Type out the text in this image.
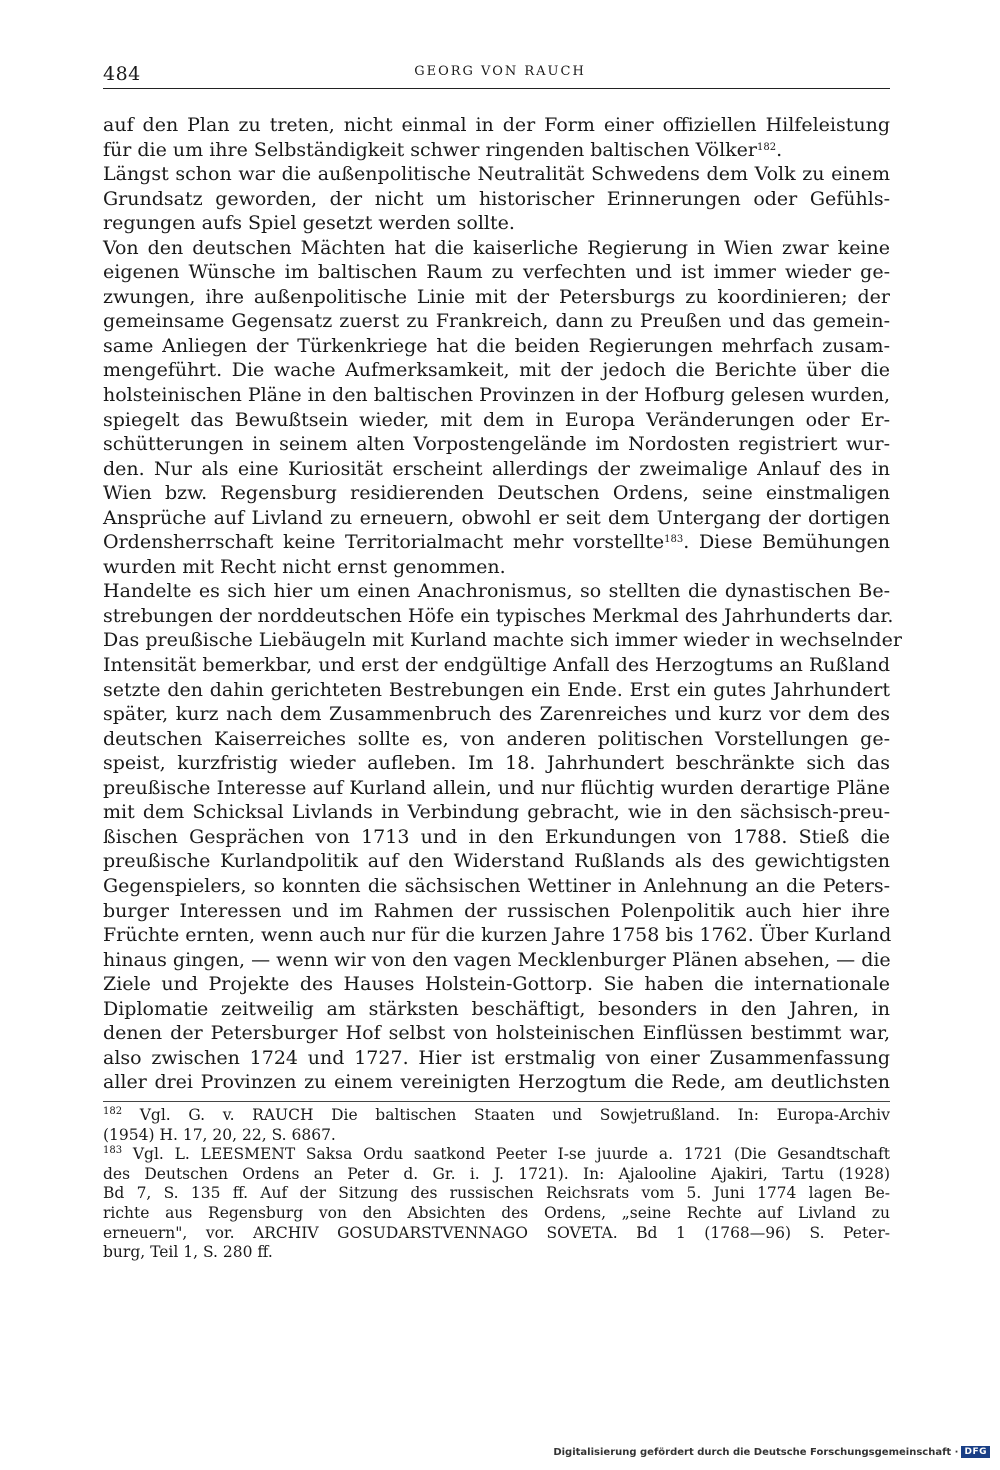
484	GEORG VON RAUCH
auf den Plan zu treten, nicht einmal in der Form einer offiziellen Hilfeleistung
für die um ihre Selbständigkeit schwer ringenden baltischen Völker$^{182}$.
Längst schon war die außenpolitische Neutralität Schwedens dem Volk zu einem
Grundsatz geworden, der nicht um historischer Erinnerungen oder Gefühls-
regungen aufs Spiel gesetzt werden sollte.
Von den deutschen Mächten hat die kaiserliche Regierung in Wien zwar keine
eigenen Wünsche im baltischen Raum zu verfechten und ist immer wieder ge-
zwungen, ihre außenpolitische Linie mit der Petersburgs zu koordinieren; der
gemeinsame Gegensatz zuerst zu Frankreich, dann zu Preußen und das gemein-
same Anliegen der Türkenkriege hat die beiden Regierungen mehrfach zusam-
mengeführt. Die wache Aufmerksamkeit, mit der jedoch die Berichte über die
holsteinischen Pläne in den baltischen Provinzen in der Hofburg gelesen wurden,
spiegelt das Bewußtsein wieder, mit dem in Europa Veränderungen oder Er-
schütterungen in seinem alten Vorpostengelände im Nordosten registriert wur-
den. Nur als eine Kuriosität erscheint allerdings der zweimalige Anlauf des in
Wien bzw. Regensburg residierenden Deutschen Ordens, seine einstmaligen
Ansprüche auf Livland zu erneuern, obwohl er seit dem Untergang der dortigen
Ordensherrschaft keine Territorialmacht mehr vorstellte$^{183}$. Diese Bemühungen
wurden mit Recht nicht ernst genommen.
Handelte es sich hier um einen Anachronismus, so stellten die dynastischen Be-
strebungen der norddeutschen Höfe ein typisches Merkmal des Jahrhunderts dar.
Das preußische Liebäugeln mit Kurland machte sich immer wieder in wechselnder
Intensität bemerkbar, und erst der endgültige Anfall des Herzogtums an Rußland
setzte den dahin gerichteten Bestrebungen ein Ende. Erst ein gutes Jahrhundert
später, kurz nach dem Zusammenbruch des Zarenreiches und kurz vor dem des
deutschen Kaiserreiches sollte es, von anderen politischen Vorstellungen ge-
speist, kurzfristig wieder aufleben. Im 18. Jahrhundert beschränkte sich das
preußische Interesse auf Kurland allein, und nur flüchtig wurden derartige Pläne
mit dem Schicksal Livlands in Verbindung gebracht, wie in den sächsisch-preu-
ßischen Gesprächen von 1713 und in den Erkundungen von 1788. Stieß die
preußische Kurlandpolitik auf den Widerstand Rußlands als des gewichtigsten
Gegenspielers, so konnten die sächsischen Wettiner in Anlehnung an die Peters-
burger Interessen und im Rahmen der russischen Polenpolitik auch hier ihre
Früchte ernten, wenn auch nur für die kurzen Jahre 1758 bis 1762. Über Kurland
hinaus gingen, — wenn wir von den vagen Mecklenburger Plänen absehen, — die
Ziele und Projekte des Hauses Holstein-Gottorp. Sie haben die internationale
Diplomatie zeitweilig am stärksten beschäftigt, besonders in den Jahren, in
denen der Petersburger Hof selbst von holsteinischen Einflüssen bestimmt war,
also zwischen 1724 und 1727. Hier ist erstmalig von einer Zusammenfassung
aller drei Provinzen zu einem vereinigten Herzogtum die Rede, am deutlichsten
$^{182}$ Vgl. G. v. RAUCH Die baltischen Staaten und Sowjetrußland. In: Europa-Archiv
(1954) H. 17, 20, 22, S. 6867.
$^{183}$ Vgl. L. LEESMENT Saksa Ordu saatkond Peeter I-se juurde a. 1721 (Die Gesandtschaft
des Deutschen Ordens an Peter d. Gr. i. J. 1721). In: Ajalooline Ajakiri, Tartu (1928)
Bd 7, S. 135 ff. Auf der Sitzung des russischen Reichsrats vom 5. Juni 1774 lagen Be-
richte aus Regensburg von den Absichten des Ordens, „seine Rechte auf Livland zu
erneuern", vor. ARCHIV GOSUDARSTVENNAGO SOVETA. Bd 1 (1768—96) S. Peter-
burg, Teil 1, S. 280 ff.
Digitalisierung gefördert durch die Deutsche Forschungsgemeinschaft · DFG
